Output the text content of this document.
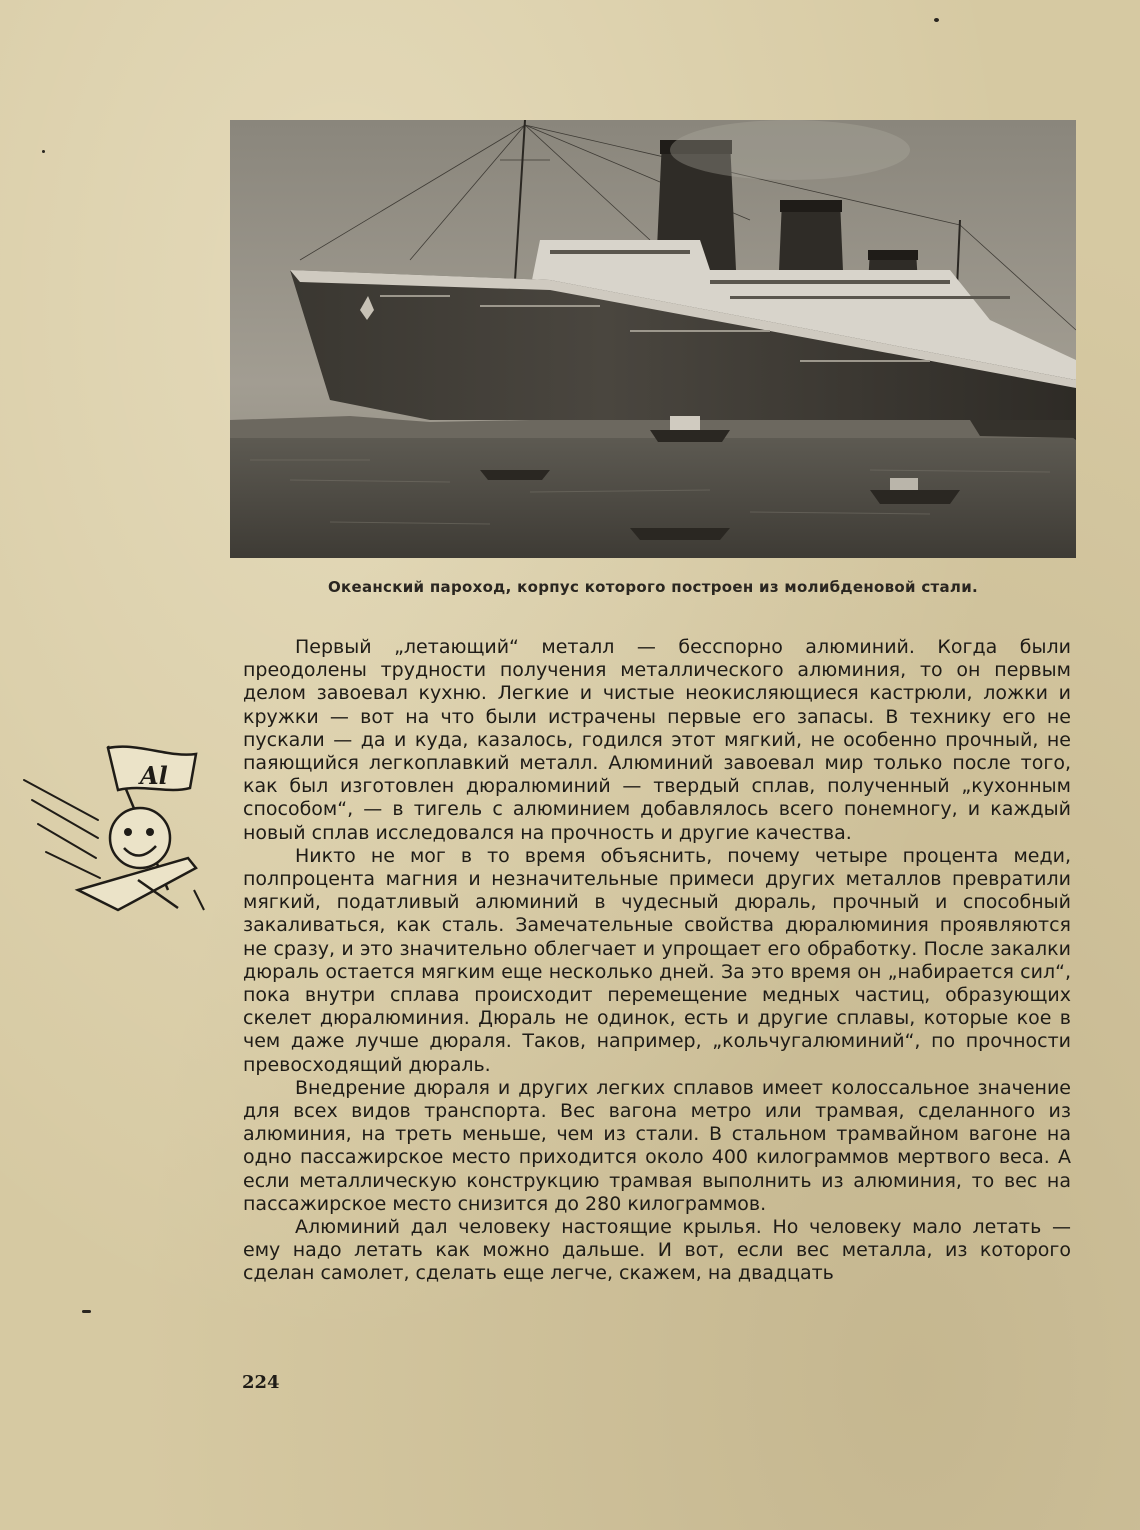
Океанский пароход, корпус которого построен из молибденовой стали.
Al

Первый „летающий“ металл — бесспорно алюминий. Когда были преодолены трудности получения металлического алюминия, то он первым делом завоевал кухню. Легкие и чистые неокисляющиеся кастрюли, ложки и кружки — вот на что были истрачены первые его запасы. В технику его не пускали — да и куда, казалось, годился этот мягкий, не особенно прочный, не паяющийся легкоплавкий металл. Алюминий завоевал мир только после того, как был изготовлен дюралюминий — твердый сплав, полученный „кухонным способом“, — в тигель с алюминием добавлялось всего понемногу, и каждый новый сплав исследовался на прочность и другие качества.

Никто не мог в то время объяснить, почему четыре процента меди, полпроцента магния и незначительные примеси других металлов превратили мягкий, податливый алюминий в чудесный дюраль, прочный и способный закаливаться, как сталь. Замечательные свойства дюралюминия проявляются не сразу, и это значительно облегчает и упрощает его обработку. После закалки дюраль остается мягким еще несколько дней. За это время он „набирается сил“, пока внутри сплава происходит перемещение медных частиц, образующих скелет дюралюминия. Дюраль не одинок, есть и другие сплавы, которые кое в чем даже лучше дюраля. Таков, например, „кольчугалюминий“, по прочности превосходящий дюраль.

Внедрение дюраля и других легких сплавов имеет колоссальное значение для всех видов транспорта. Вес вагона метро или трамвая, сделанного из алюминия, на треть меньше, чем из стали. В стальном трамвайном вагоне на одно пассажирское место приходится около 400 килограммов мертвого веса. А если металлическую конструкцию трамвая выполнить из алюминия, то вес на пассажирское место снизится до 280 килограммов.

Алюминий дал человеку настоящие крылья. Но человеку мало летать — ему надо летать как можно дальше. И вот, если вес металла, из которого сделан самолет, сделать еще легче, скажем, на двадцать

224
